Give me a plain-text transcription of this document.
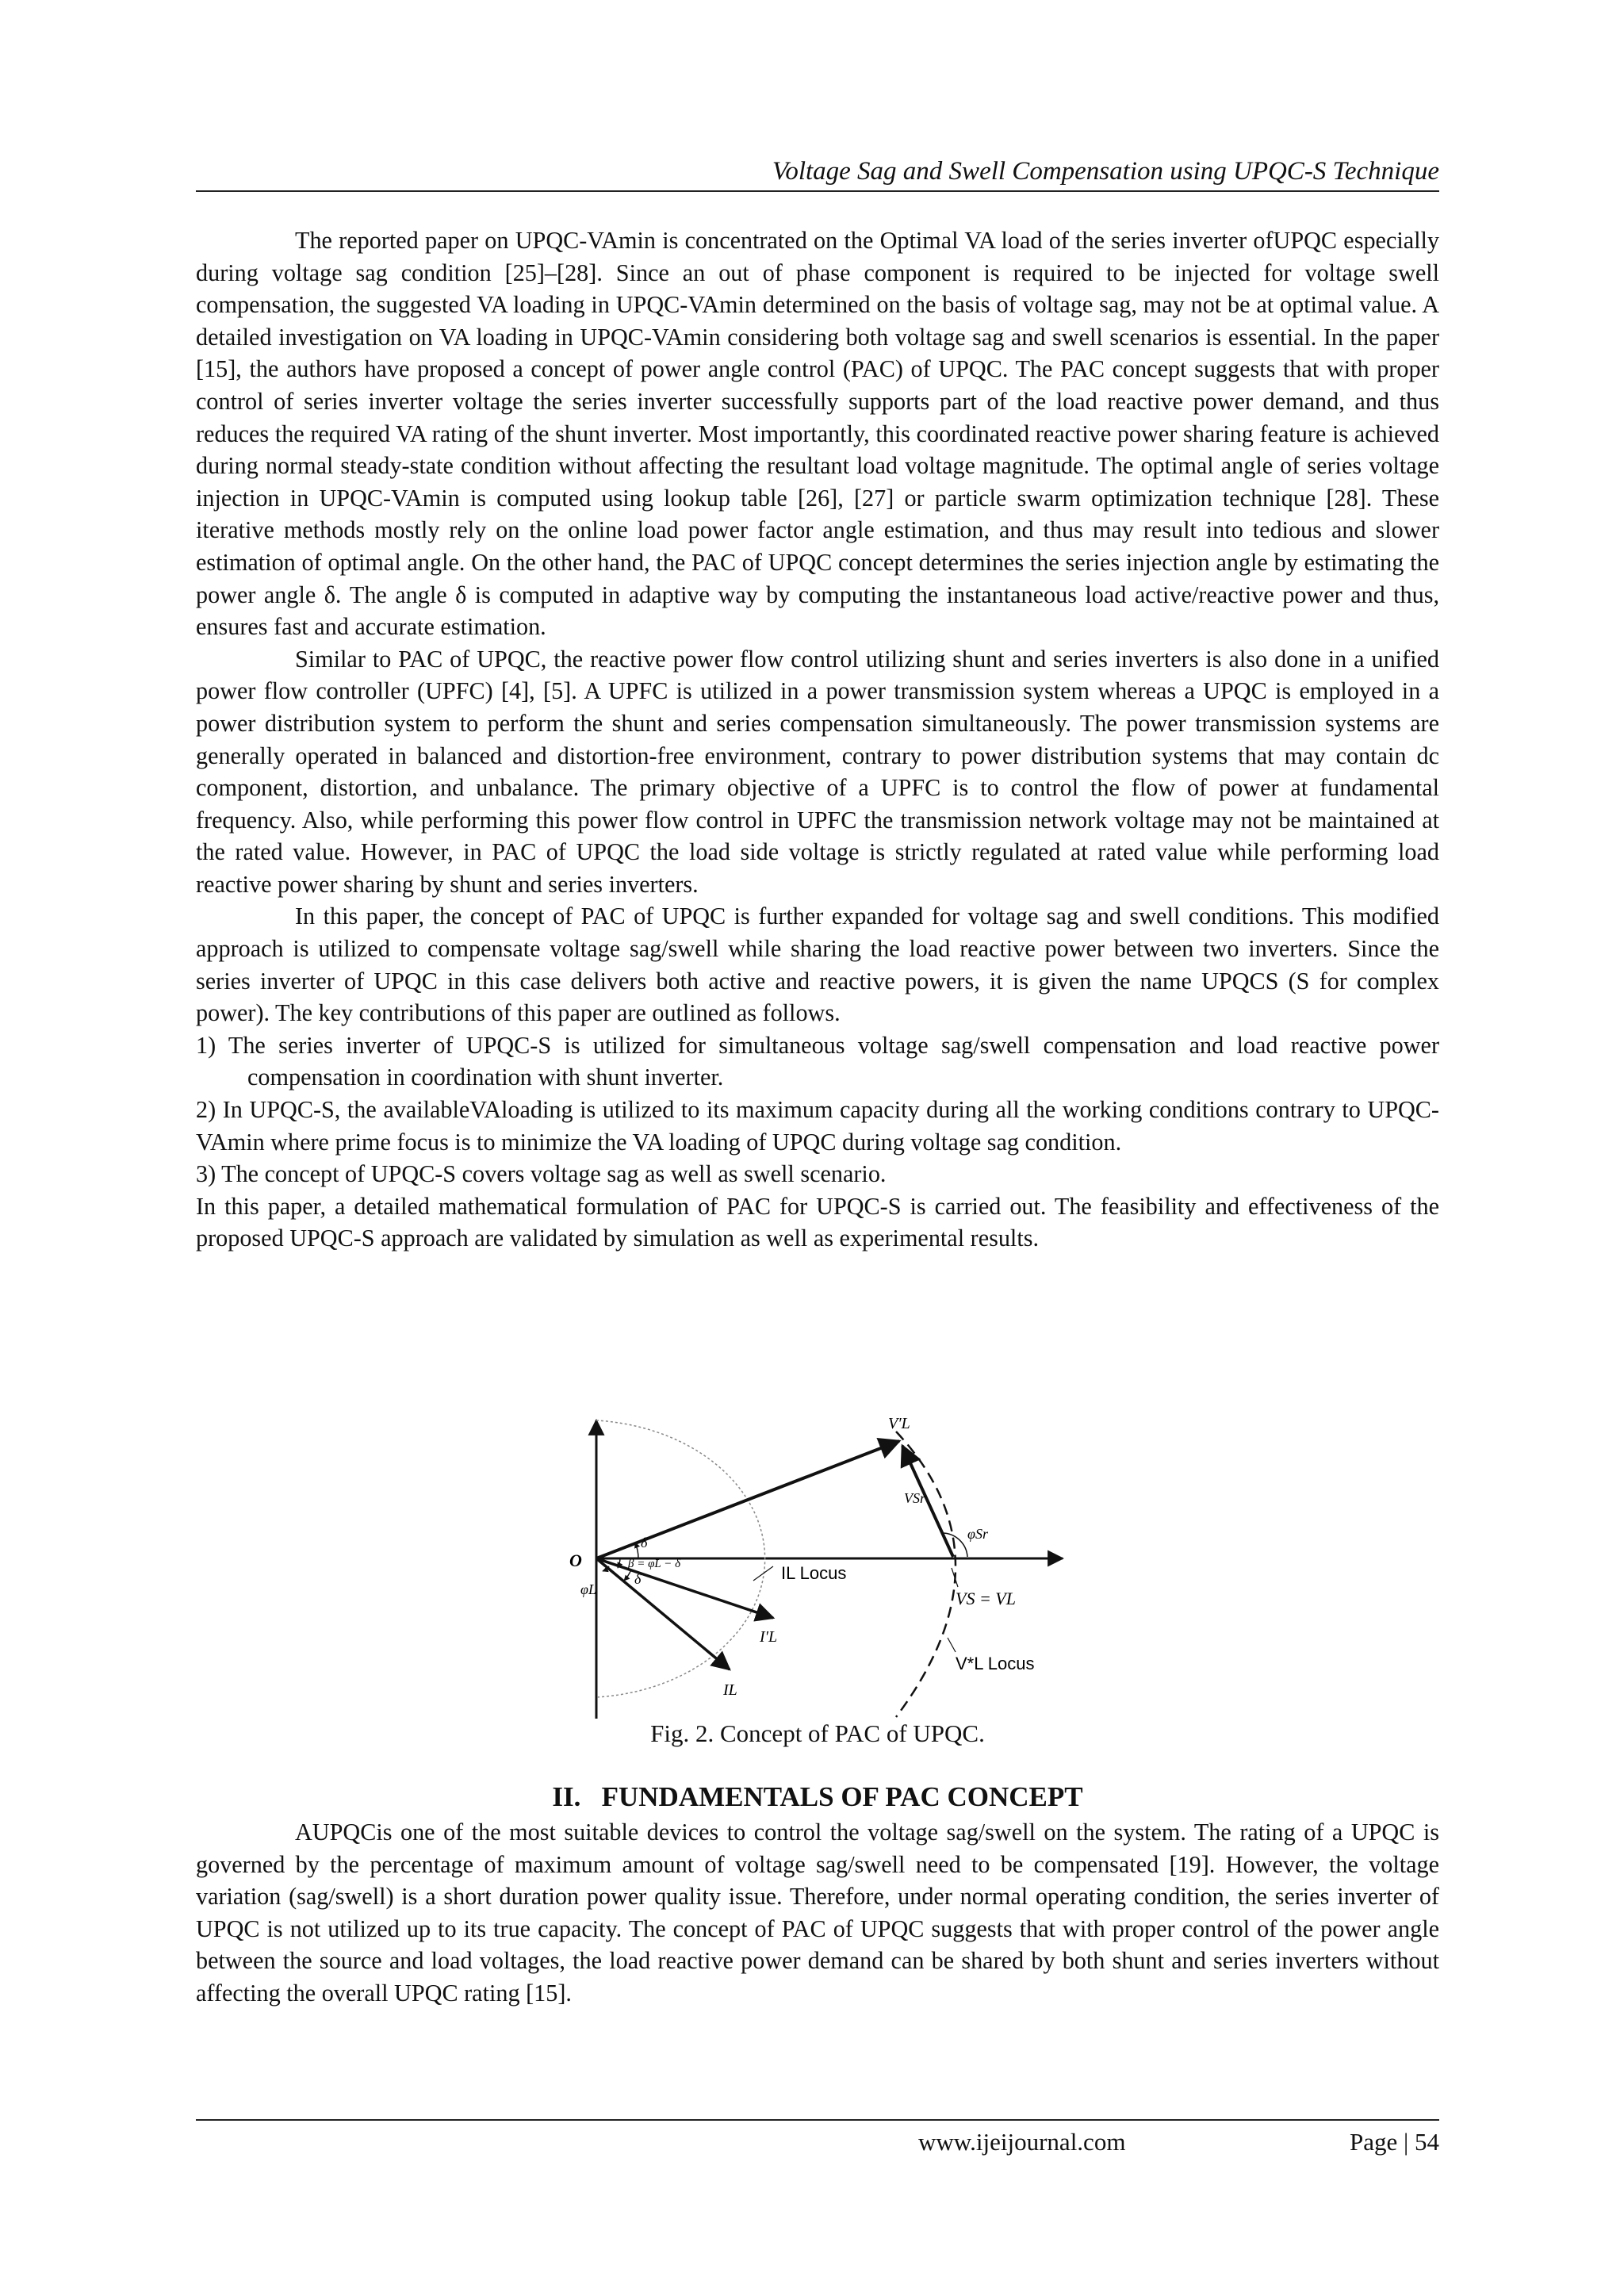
Voltage Sag and Swell Compensation using UPQC-S Technique

The reported paper on UPQC-VAmin is concentrated on the Optimal VA load of the series inverter ofUPQC especially during voltage sag condition [25]–[28]. Since an out of phase component is required to be injected for voltage swell compensation, the suggested VA loading in UPQC-VAmin determined on the basis of voltage sag, may not be at optimal value. A detailed investigation on VA loading in UPQC-VAmin considering both voltage sag and swell scenarios is essential. In the paper [15], the authors have proposed a concept of power angle control (PAC) of UPQC. The PAC concept suggests that with proper control of series inverter voltage the series inverter successfully supports part of the load reactive power demand, and thus reduces the required VA rating of the shunt inverter. Most importantly, this coordinated reactive power sharing feature is achieved during normal steady-state condition without affecting the resultant load voltage magnitude. The optimal angle of series voltage injection in UPQC-VAmin is computed using lookup table [26], [27] or particle swarm optimization technique [28]. These iterative methods mostly rely on the online load power factor angle estimation, and thus may result into tedious and slower estimation of optimal angle. On the other hand, the PAC of UPQC concept determines the series injection angle by estimating the power angle δ. The angle δ is computed in adaptive way by computing the instantaneous load active/reactive power and thus, ensures fast and accurate estimation.

Similar to PAC of UPQC, the reactive power flow control utilizing shunt and series inverters is also done in a unified power flow controller (UPFC) [4], [5]. A UPFC is utilized in a power transmission system whereas a UPQC is employed in a power distribution system to perform the shunt and series compensation simultaneously. The power transmission systems are generally operated in balanced and distortion-free environment, contrary to power distribution systems that may contain dc component, distortion, and unbalance. The primary objective of a UPFC is to control the flow of power at fundamental frequency. Also, while performing this power flow control in UPFC the transmission network voltage may not be maintained at the rated value. However, in PAC of UPQC the load side voltage is strictly regulated at rated value while performing load reactive power sharing by shunt and series inverters.

In this paper, the concept of PAC of UPQC is further expanded for voltage sag and swell conditions. This modified approach is utilized to compensate voltage sag/swell while sharing the load reactive power between two inverters. Since the series inverter of UPQC in this case delivers both active and reactive powers, it is given the name UPQCS (S for complex power). The key contributions of this paper are outlined as follows.

1) The series inverter of UPQC-S is utilized for simultaneous voltage sag/swell compensation and load reactive power compensation in coordination with shunt inverter.

2) In UPQC-S, the availableVAloading is utilized to its maximum capacity during all the working conditions contrary to UPQC-VAmin where prime focus is to minimize the VA loading of UPQC during voltage sag condition.

3) The concept of UPQC-S covers voltage sag as well as swell scenario.

In this paper, a detailed mathematical formulation of PAC for UPQC-S is carried out. The feasibility and effectiveness of the proposed UPQC-S approach are validated by simulation as well as experimental results.

O
δ
β = φL − δ
δ
φL
IL Locus
I′L
IL
V′L
VSr
φSr
VS = VL
V*L Locus
Fig. 2. Concept of PAC of UPQC.
II.   FUNDAMENTALS OF PAC CONCEPT

AUPQCis one of the most suitable devices to control the voltage sag/swell on the system. The rating of a UPQC is governed by the percentage of maximum amount of voltage sag/swell need to be compensated [19]. However, the voltage variation (sag/swell) is a short duration power quality issue. Therefore, under normal operating condition, the series inverter of UPQC is not utilized up to its true capacity. The concept of PAC of UPQC suggests that with proper control of the power angle between the source and load voltages, the load reactive power demand can be shared by both shunt and series inverters without affecting the overall UPQC rating [15].

www.ijeijournal.com	Page | 54
